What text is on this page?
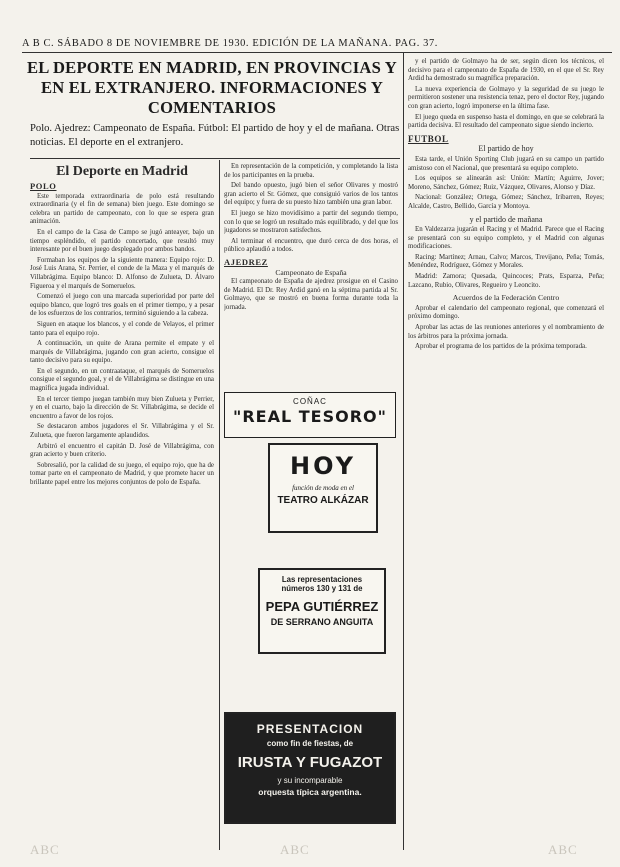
A B C. SÁBADO 8 DE NOVIEMBRE DE 1930. EDICIÓN DE LA MAÑANA. PAG. 37.
EL DEPORTE EN MADRID, EN PROVINCIAS Y EN EL EXTRANJERO. INFORMACIONES Y COMENTARIOS
Polo. Ajedrez: Campeonato de España. Fútbol: El partido de hoy y el de mañana. Otras noticias. El deporte en el extranjero.
El Deporte en Madrid
POLO

Este temporada extraordinaria de polo está resultando extraordinaria (y el fin de semana) bien juego. Este domingo se celebra un partido de campeonato, con lo que se espera gran animación.

En el campo de la Casa de Campo se jugó anteayer, bajo un tiempo espléndido, el partido concertado, que resultó muy interesante por el buen juego desplegado por ambos bandos.

Formaban los equipos de la siguiente manera: Equipo rojo: D. José Luis Arana, Sr. Perrier, el conde de la Maza y el marqués de Villabrágima. Equipo blanco: D. Alfonso de Zulueta, D. Álvaro Figueroa y el marqués de Someruelos.

Comenzó el juego con una marcada superioridad por parte del equipo blanco, que logró tres goals en el primer tiempo, y a pesar de los esfuerzos de los contrarios, terminó siguiendo a la cabeza.

Siguen en ataque los blancos, y el conde de Velayos, el primer tanto para el equipo rojo.

A continuación, un quite de Arana permite el empate y el marqués de Villabrágima, jugando con gran acierto, consigue el tanto decisivo para su equipo.

En el segundo, en un contraataque, el marqués de Someruelos consigue el segundo goal, y el de Villabrágima se distingue en una magnífica jugada individual.

En el tercer tiempo juegan también muy bien Zulueta y Perrier, y en el cuarto, bajo la dirección de Sr. Villabrágima, se decide el encuentro a favor de los rojos.

Se destacaron ambos jugadores el Sr. Villabrágima y el Sr. Zulueta, que fueron largamente aplaudidos.

Arbitró el encuentro el capitán D. José de Villabrágima, con gran acierto y buen criterio.

Sobresalió, por la calidad de su juego, el equipo rojo, que ha de tomar parte en el campeonato de Madrid, y que promete hacer un brillante papel entre los mejores conjuntos de polo de España.

En representación de la competición, y completando la lista de los participantes en la prueba.

Del bando opuesto, jugó bien el señor Olivares y mostró gran acierto el Sr. Gómez, que consiguió varios de los tantos del equipo; y fuera de su puesto hizo también una gran labor.

El juego se hizo movidísimo a partir del segundo tiempo, con lo que se logró un resultado más equilibrado, y del que los jugadores se mostraron satisfechos.

Al terminar el encuentro, que duró cerca de dos horas, el público aplaudió a todos.

AJEDREZ
Campeonato de España

El campeonato de España de ajedrez prosigue en el Casino de Madrid. El Dr. Rey Ardid ganó en la séptima partida al Sr. Golmayo, que se mostró en buena forma durante toda la jornada.

COÑAC
"REAL TESORO"
HOY
función de moda en el
TEATRO ALKÁZAR
Las representaciones
números 130 y 131 de
PEPA GUTIÉRREZ
DE SERRANO ANGUITA
PRESENTACION
como fin de fiestas, de
IRUSTA Y FUGAZOT
y su incomparable
orquesta típica argentina.

y el partido de Golmayo ha de ser, según dicen los técnicos, el decisivo para el campeonato de España de 1930, en el que el Sr. Rey Ardid ha demostrado su magnífica preparación.

La nueva experiencia de Golmayo y la seguridad de su juego le permitieron sostener una resistencia tenaz, pero el doctor Rey, jugando con gran acierto, logró imponerse en la última fase.

El juego queda en suspenso hasta el domingo, en que se celebrará la partida decisiva. El resultado del campeonato sigue siendo incierto.

FUTBOL
El partido de hoy

Esta tarde, el Unión Sporting Club jugará en su campo un partido amistoso con el Nacional, que presentará su equipo completo.

Los equipos se alinearán así: Unión: Martín; Aguirre, Jover; Moreno, Sánchez, Gómez; Ruiz, Vázquez, Olivares, Alonso y Díaz.

Nacional: González; Ortega, Gómez; Sánchez, Iribarren, Reyes; Alcalde, Castro, Bellido, García y Montoya.

y el partido de mañana

En Valdezarza jugarán el Racing y el Madrid. Parece que el Racing se presentará con su equipo completo, y el Madrid con algunas modificaciones.

Racing: Martínez; Arnau, Calvo; Marcos, Trevijano, Peña; Tomás, Menéndez, Rodríguez, Gómez y Morales.

Madrid: Zamora; Quesada, Quincoces; Prats, Esparza, Peña; Lazcano, Rubio, Olivares, Regueiro y Leoncito.

Acuerdos de la Federación Centro

Aprobar el calendario del campeonato regional, que comenzará el próximo domingo.

Aprobar las actas de las reuniones anteriores y el nombramiento de los árbitros para la próxima jornada.

Aprobar el programa de los partidos de la próxima temporada.

ABC	ABC	ABC
